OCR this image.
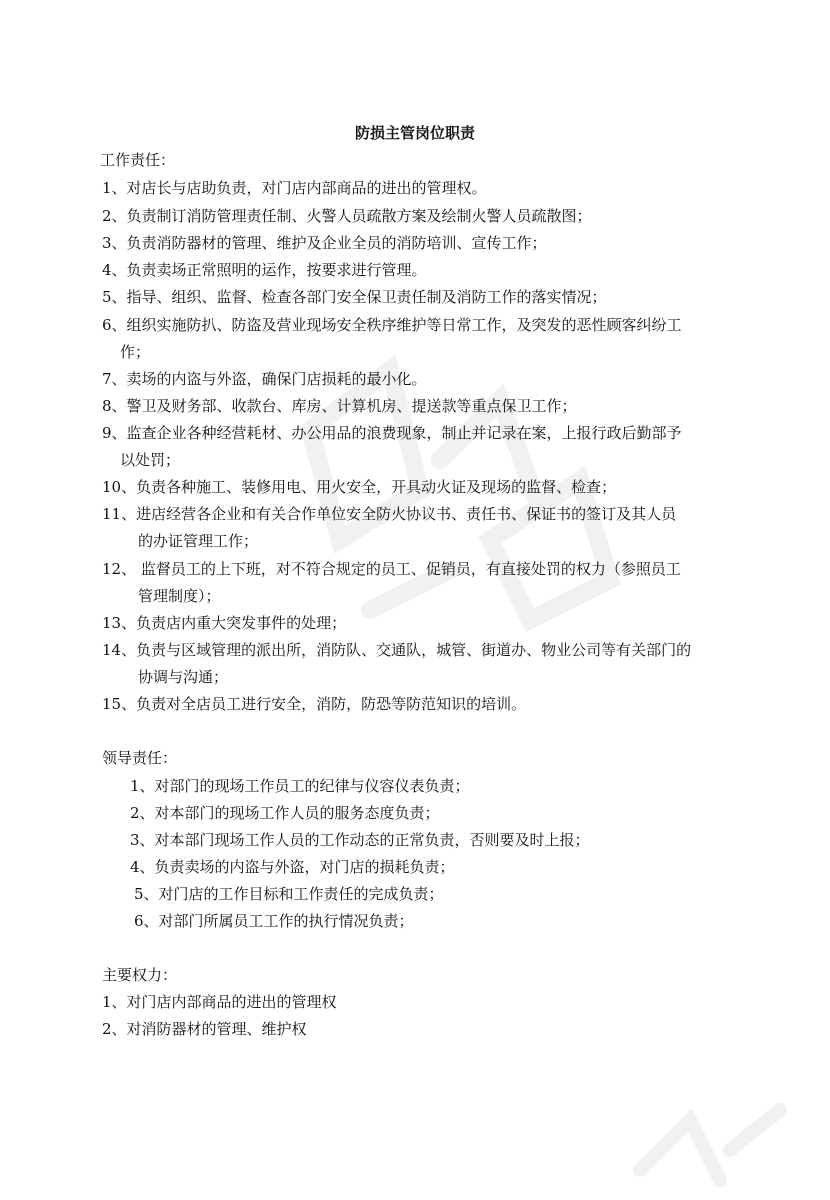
防损主管岗位职责
工作责任：
1、对店长与店助负责，对门店内部商品的进出的管理权。
2、负责制订消防管理责任制、火警人员疏散方案及绘制火警人员疏散图；
3、负责消防器材的管理、维护及企业全员的消防培训、宣传工作；
4、负责卖场正常照明的运作，按要求进行管理。
5、指导、组织、监督、检查各部门安全保卫责任制及消防工作的落实情况；
6、组织实施防扒、防盗及营业现场安全秩序维护等日常工作，及突发的恶性顾客纠纷工
作；
7、卖场的内盗与外盗，确保门店损耗的最小化。
8、警卫及财务部、收款台、库房、计算机房、提送款等重点保卫工作；
9、监查企业各种经营耗材、办公用品的浪费现象，制止并记录在案，上报行政后勤部予
以处罚；
10、负责各种施工、装修用电、用火安全，开具动火证及现场的监督、检查；
11、进店经营各企业和有关合作单位安全防火协议书、责任书、保证书的签订及其人员
的办证管理工作；
12、 监督员工的上下班，对不符合规定的员工、促销员，有直接处罚的权力（参照员工
管理制度）；
13、负责店内重大突发事件的处理；
14、负责与区域管理的派出所，消防队、交通队，城管、街道办、物业公司等有关部门的
协调与沟通；
15、负责对全店员工进行安全，消防，防恐等防范知识的培训。
领导责任：
1、对部门的现场工作员工的纪律与仪容仪表负责；
2、对本部门的现场工作人员的服务态度负责；
3、对本部门现场工作人员的工作动态的正常负责，否则要及时上报；
4、负责卖场的内盗与外盗，对门店的损耗负责；
5、对门店的工作目标和工作责任的完成负责；
6、对部门所属员工工作的执行情况负责；
主要权力：
1、对门店内部商品的进出的管理权
2、对消防器材的管理、维护权
